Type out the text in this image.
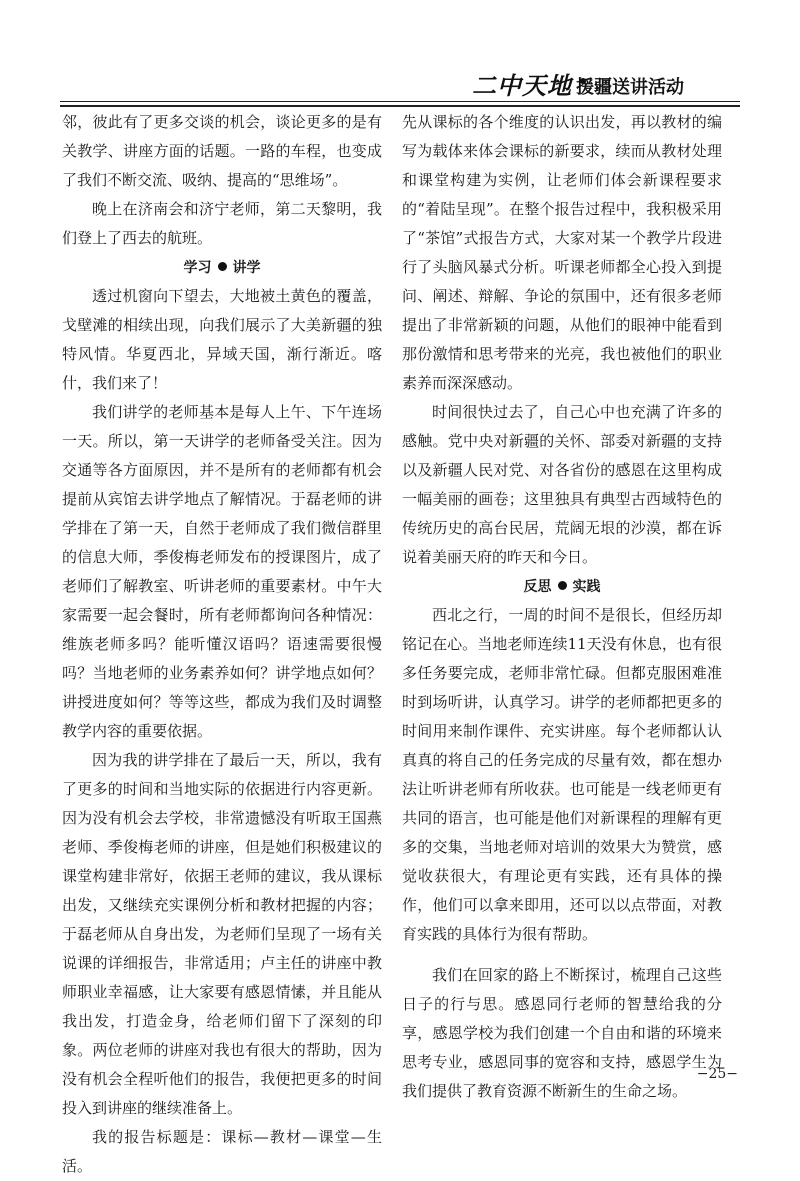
二中天地 援疆送讲活动

邻，彼此有了更多交谈的机会，谈论更多的是有关教学、讲座方面的话题。一路的车程，也变成了我们不断交流、吸纳、提高的“思维场”。

晚上在济南会和济宁老师，第二天黎明，我们登上了西去的航班。

学习 讲学

透过机窗向下望去，大地被土黄色的覆盖，戈壁滩的相续出现，向我们展示了大美新疆的独特风情。华夏西北，异域天国，渐行渐近。喀什，我们来了！

我们讲学的老师基本是每人上午、下午连场一天。所以，第一天讲学的老师备受关注。因为交通等各方面原因，并不是所有的老师都有机会提前从宾馆去讲学地点了解情况。于磊老师的讲学排在了第一天，自然于老师成了我们微信群里的信息大师，季俊梅老师发布的授课图片，成了老师们了解教室、听讲老师的重要素材。中午大家需要一起会餐时，所有老师都询问各种情况：维族老师多吗？能听懂汉语吗？语速需要很慢吗？当地老师的业务素养如何？讲学地点如何？讲授进度如何？等等这些，都成为我们及时调整教学内容的重要依据。

因为我的讲学排在了最后一天，所以，我有了更多的时间和当地实际的依据进行内容更新。因为没有机会去学校，非常遗憾没有听取王国燕老师、季俊梅老师的讲座，但是她们积极建议的课堂构建非常好，依据王老师的建议，我从课标出发，又继续充实课例分析和教材把握的内容；于磊老师从自身出发，为老师们呈现了一场有关说课的详细报告，非常适用；卢主任的讲座中教师职业幸福感，让大家要有感恩情愫，并且能从我出发，打造金身，给老师们留下了深刻的印象。两位老师的讲座对我也有很大的帮助，因为没有机会全程听他们的报告，我便把更多的时间投入到讲座的继续准备上。

我的报告标题是：课标—教材—课堂—生活。

先从课标的各个维度的认识出发，再以教材的编写为载体来体会课标的新要求，续而从教材处理和课堂构建为实例，让老师们体会新课程要求的“着陆呈现”。在整个报告过程中，我积极采用了“茶馆”式报告方式，大家对某一个教学片段进行了头脑风暴式分析。听课老师都全心投入到提问、阐述、辩解、争论的氛围中，还有很多老师提出了非常新颖的问题，从他们的眼神中能看到那份激情和思考带来的光亮，我也被他们的职业素养而深深感动。

时间很快过去了，自己心中也充满了许多的感触。党中央对新疆的关怀、部委对新疆的支持以及新疆人民对党、对各省份的感恩在这里构成一幅美丽的画卷；这里独具有典型古西域特色的传统历史的高台民居，荒阔无垠的沙漠，都在诉说着美丽天府的昨天和今日。

反思 实践

西北之行，一周的时间不是很长，但经历却铭记在心。当地老师连续11天没有休息，也有很多任务要完成，老师非常忙碌。但都克服困难准时到场听讲，认真学习。讲学的老师都把更多的时间用来制作课件、充实讲座。每个老师都认认真真的将自己的任务完成的尽量有效，都在想办法让听讲老师有所收获。也可能是一线老师更有共同的语言，也可能是他们对新课程的理解有更多的交集，当地老师对培训的效果大为赞赏，感觉收获很大，有理论更有实践，还有具体的操作，他们可以拿来即用，还可以以点带面，对教育实践的具体行为很有帮助。

我们在回家的路上不断探讨，梳理自己这些日子的行与思。感恩同行老师的智慧给我的分享，感恩学校为我们创建一个自由和谐的环境来思考专业，感恩同事的宽容和支持，感恩学生为我们提供了教育资源不断新生的生命之场。

−25−
